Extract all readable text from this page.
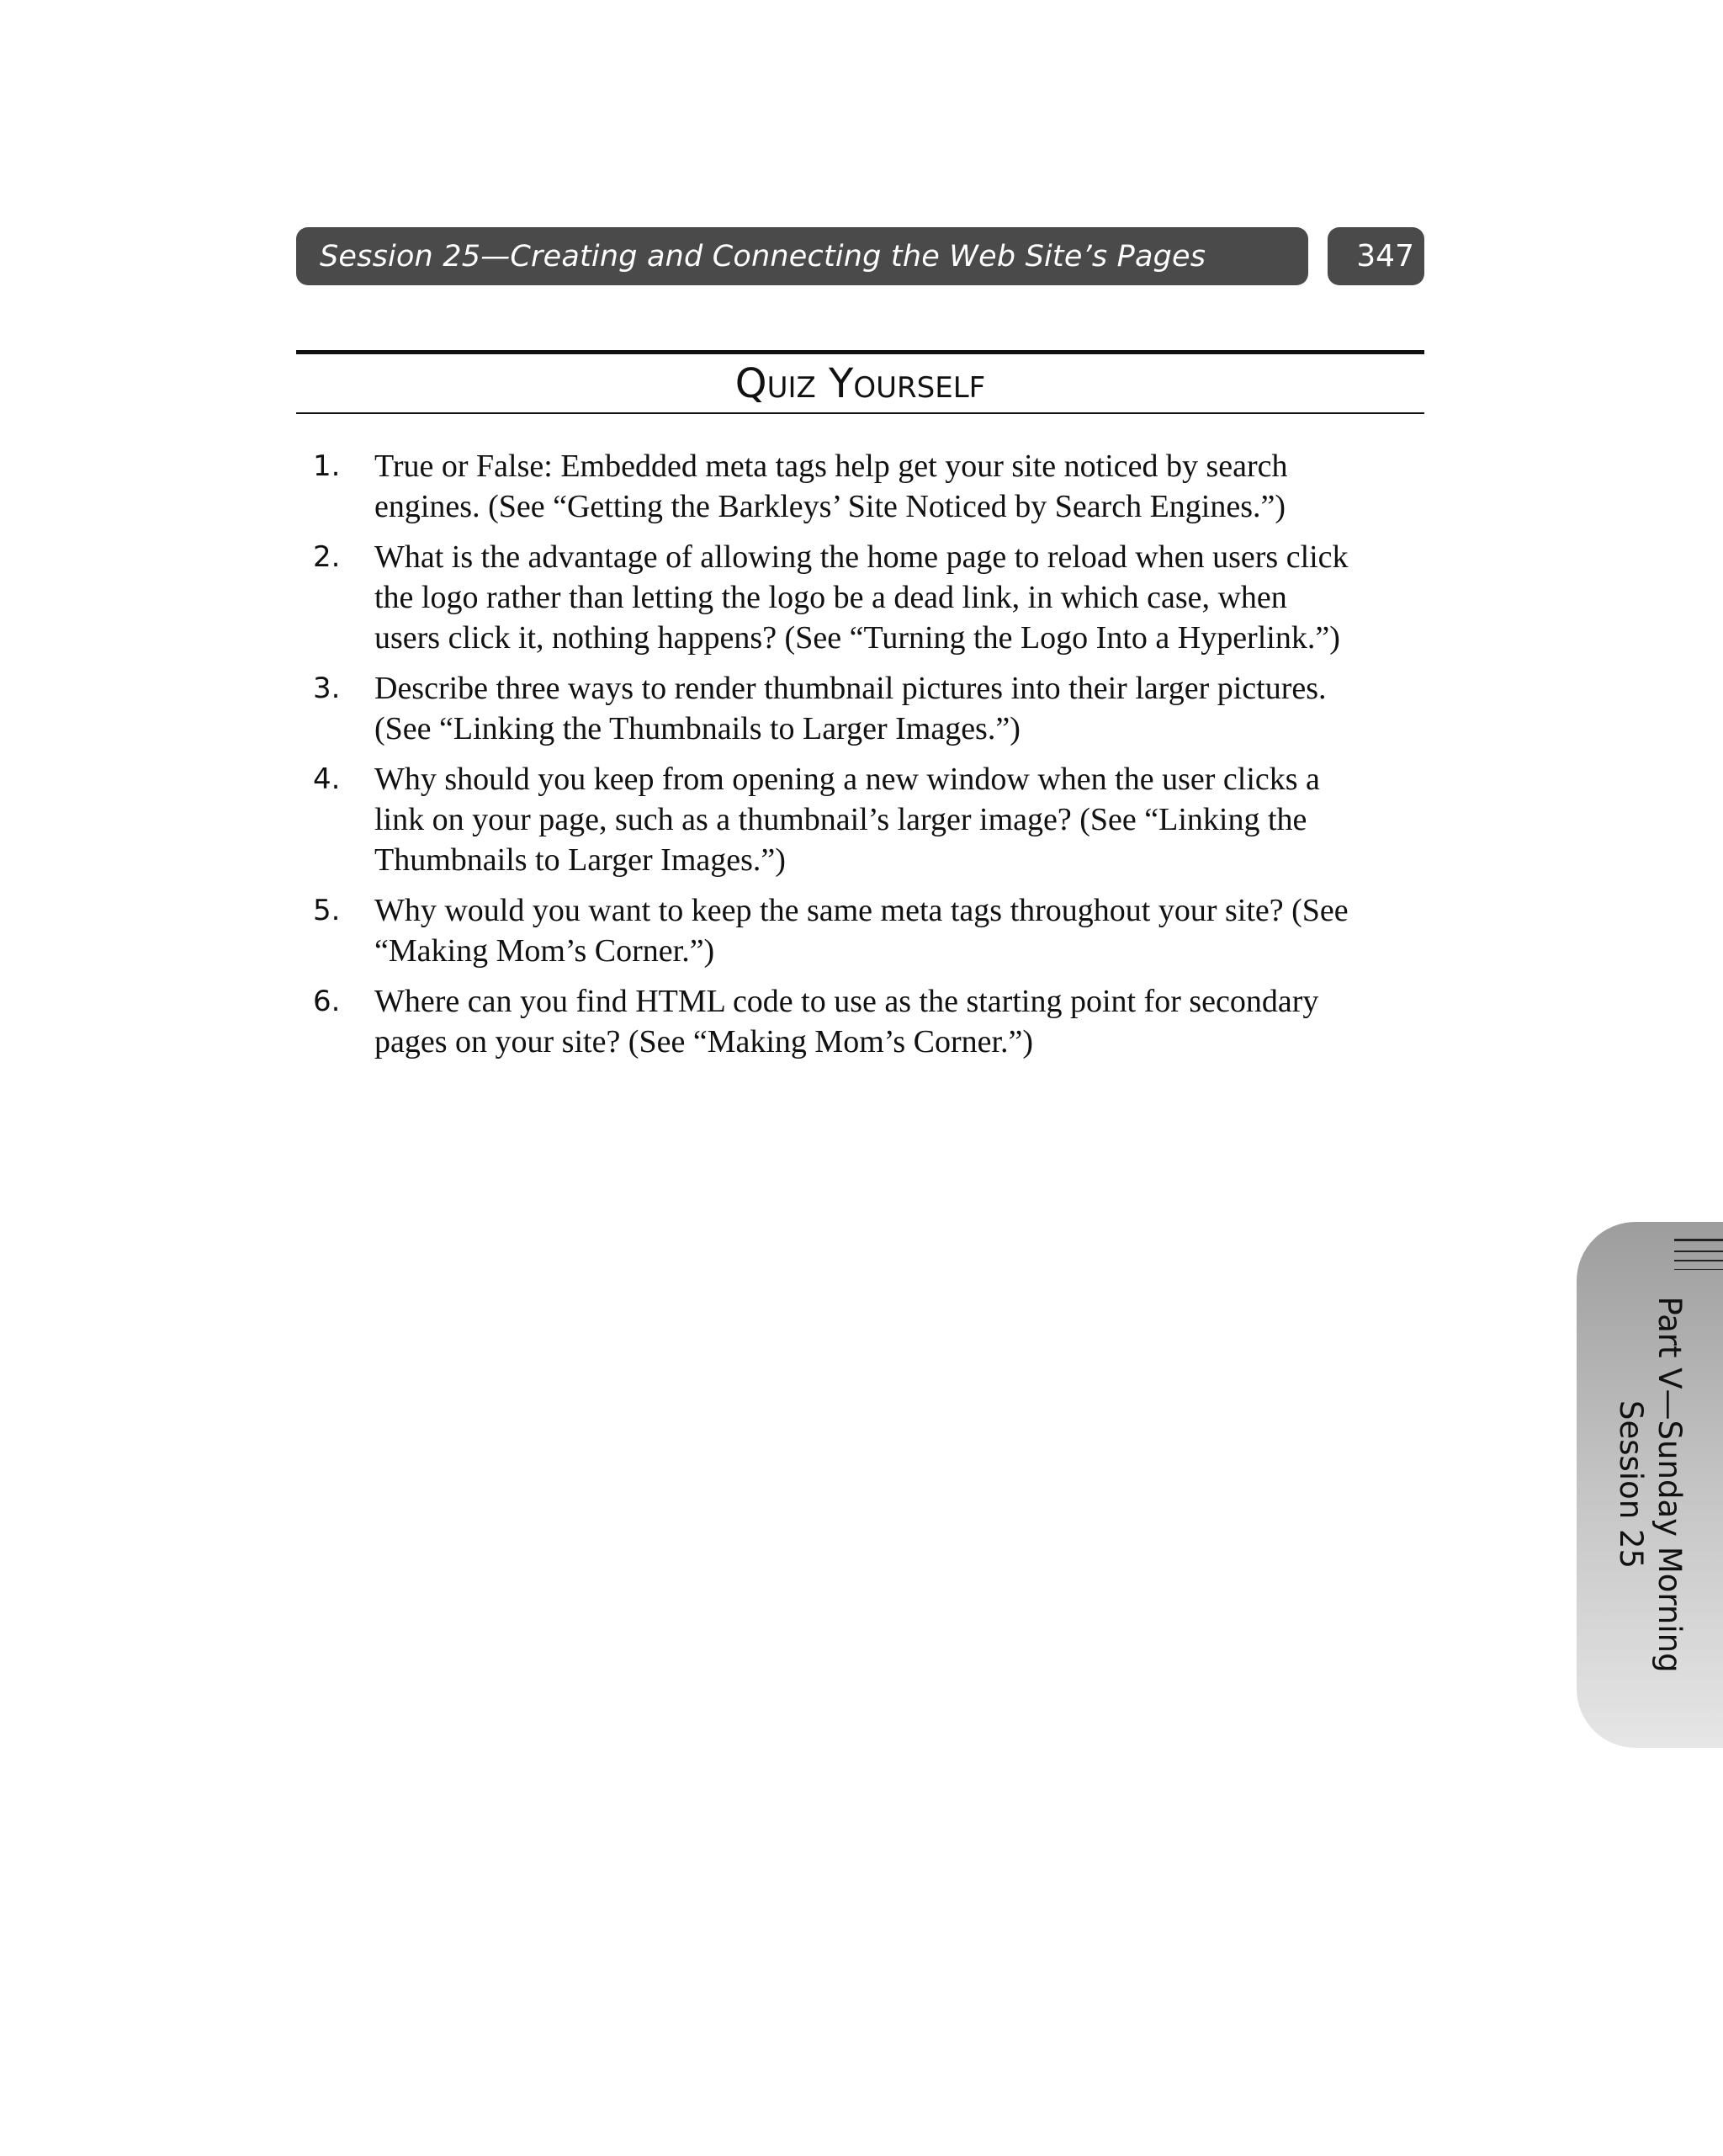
Session 25—Creating and Connecting the Web Site’s Pages	347
Quiz Yourself
1.	True or False: Embedded meta tags help get your site noticed by search engines. (See “Getting the Barkleys’ Site Noticed by Search Engines.”)
2.	What is the advantage of allowing the home page to reload when users click the logo rather than letting the logo be a dead link, in which case, when users click it, nothing happens? (See “Turning the Logo Into a Hyperlink.”)
3.	Describe three ways to render thumbnail pictures into their larger pictures. (See “Linking the Thumbnails to Larger Images.”)
4.	Why should you keep from opening a new window when the user clicks a link on your page, such as a thumbnail’s larger image? (See “Linking the Thumbnails to Larger Images.”)
5.	Why would you want to keep the same meta tags throughout your site? (See “Making Mom’s Corner.”)
6.	Where can you find HTML code to use as the starting point for secondary pages on your site? (See “Making Mom’s Corner.”)
Part V—Sunday Morning
Session 25
